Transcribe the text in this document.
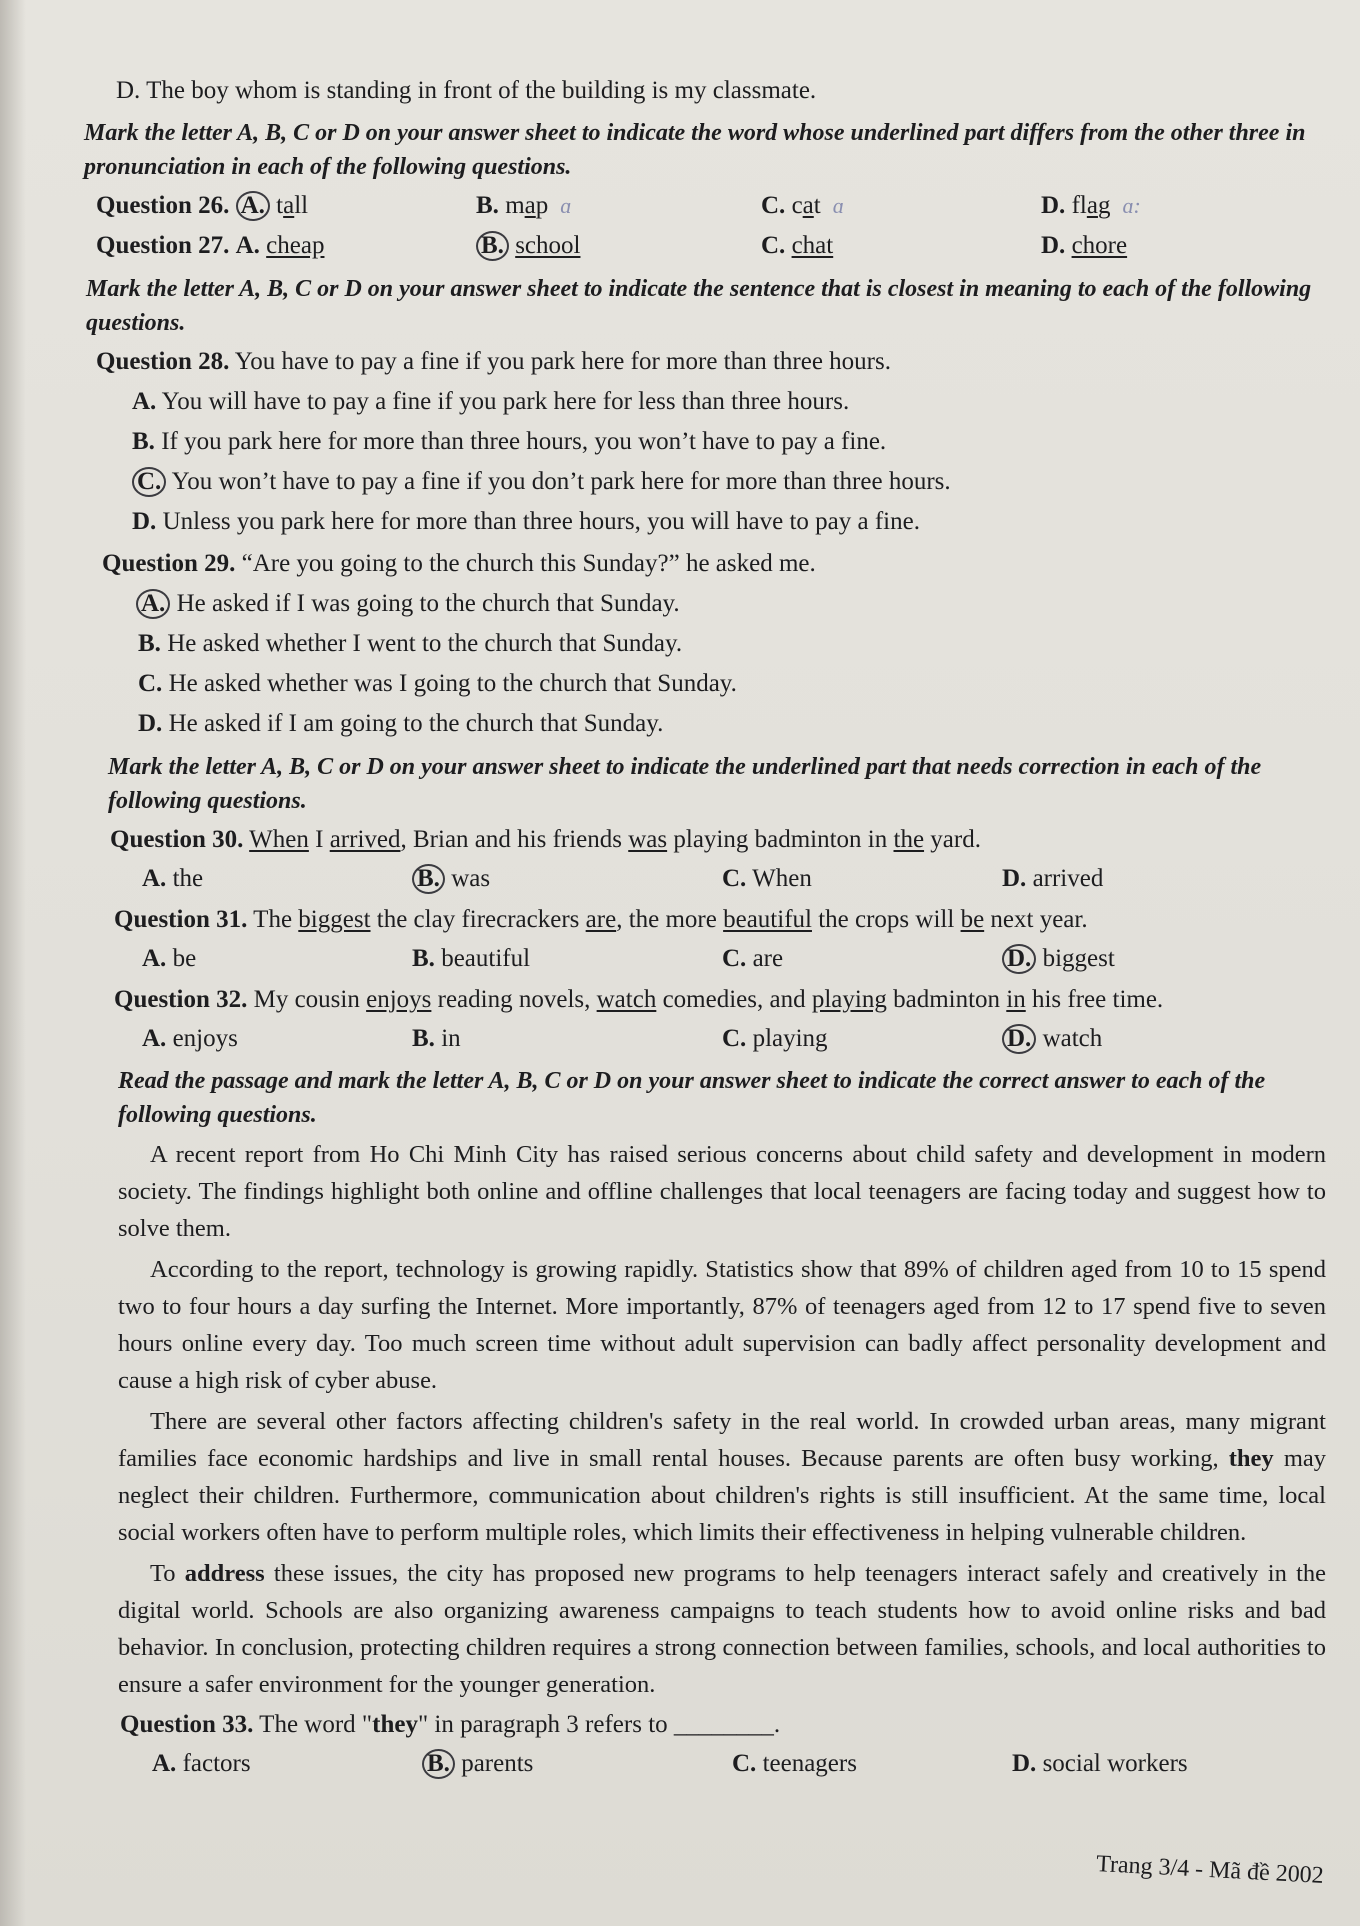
D. The boy whom is standing in front of the building is my classmate.
Mark the letter A, B, C or D on your answer sheet to indicate the word whose underlined part differs from the other three in pronunciation in each of the following questions.
Question 26. A. tall	B. map ɑ	C. cat ɑ	D. flag ɑ:
Question 27. A. cheap	B. school	C. chat	D. chore
Mark the letter A, B, C or D on your answer sheet to indicate the sentence that is closest in meaning to each of the following questions.
Question 28. You have to pay a fine if you park here for more than three hours.
A. You will have to pay a fine if you park here for less than three hours.
B. If you park here for more than three hours, you won’t have to pay a fine.
C. You won’t have to pay a fine if you don’t park here for more than three hours.
D. Unless you park here for more than three hours, you will have to pay a fine.
Question 29. “Are you going to the church this Sunday?” he asked me.
A. He asked if I was going to the church that Sunday.
B. He asked whether I went to the church that Sunday.
C. He asked whether was I going to the church that Sunday.
D. He asked if I am going to the church that Sunday.
Mark the letter A, B, C or D on your answer sheet to indicate the underlined part that needs correction in each of the following questions.
Question 30. When I arrived, Brian and his friends was playing badminton in the yard.
A. the	B. was	C. When	D. arrived
Question 31. The biggest the clay firecrackers are, the more beautiful the crops will be next year.
A. be	B. beautiful	C. are	D. biggest
Question 32. My cousin enjoys reading novels, watch comedies, and playing badminton in his free time.
A. enjoys	B. in	C. playing	D. watch
Read the passage and mark the letter A, B, C or D on your answer sheet to indicate the correct answer to each of the following questions.

A recent report from Ho Chi Minh City has raised serious concerns about child safety and development in modern society. The findings highlight both online and offline challenges that local teenagers are facing today and suggest how to solve them.

According to the report, technology is growing rapidly. Statistics show that 89% of children aged from 10 to 15 spend two to four hours a day surfing the Internet. More importantly, 87% of teenagers aged from 12 to 17 spend five to seven hours online every day. Too much screen time without adult supervision can badly affect personality development and cause a high risk of cyber abuse.

There are several other factors affecting children's safety in the real world. In crowded urban areas, many migrant families face economic hardships and live in small rental houses. Because parents are often busy working, they may neglect their children. Furthermore, communication about children's rights is still insufficient. At the same time, local social workers often have to perform multiple roles, which limits their effectiveness in helping vulnerable children.

To address these issues, the city has proposed new programs to help teenagers interact safely and creatively in the digital world. Schools are also organizing awareness campaigns to teach students how to avoid online risks and bad behavior. In conclusion, protecting children requires a strong connection between families, schools, and local authorities to ensure a safer environment for the younger generation.

Question 33. The word "they" in paragraph 3 refers to ________.
A. factors	B. parents	C. teenagers	D. social workers
Trang 3/4 - Mã đề 2002
